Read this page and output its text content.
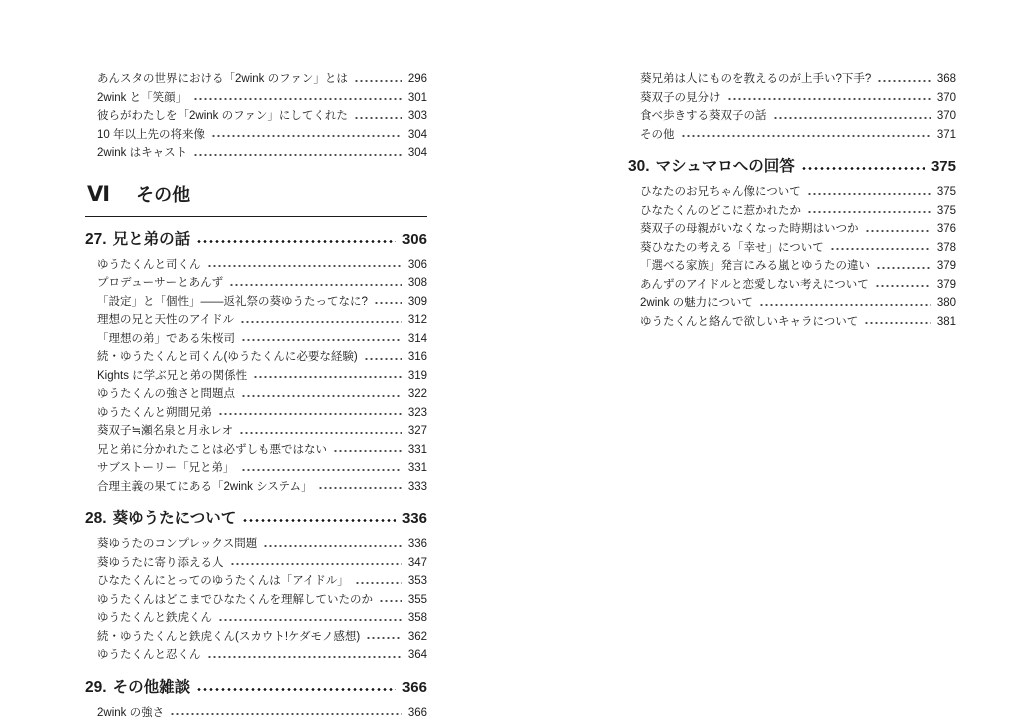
あんスタの世界における「2wink のファン」とは	296
2wink と「笑顔」	301
彼らがわたしを「2wink のファン」にしてくれた	303
10 年以上先の将来像	304
2wink はキャスト	304
Ⅵ その他
27. 兄と弟の話	306
ゆうたくんと司くん	306
プロデューサーとあんず	308
「設定」と「個性」――返礼祭の葵ゆうたってなに?	309
理想の兄と天性のアイドル	312
「理想の弟」である朱桜司	314
続・ゆうたくんと司くん(ゆうたくんに必要な経験)	316
Kights に学ぶ兄と弟の関係性	319
ゆうたくんの強さと問題点	322
ゆうたくんと朔間兄弟	323
葵双子≒瀬名泉と月永レオ	327
兄と弟に分かれたことは必ずしも悪ではない	331
サブストーリー「兄と弟」	331
合理主義の果てにある「2wink システム」	333
28. 葵ゆうたについて	336
葵ゆうたのコンプレックス問題	336
葵ゆうたに寄り添える人	347
ひなたくんにとってのゆうたくんは「アイドル」	353
ゆうたくんはどこまでひなたくんを理解していたのか	355
ゆうたくんと鉄虎くん	358
続・ゆうたくんと鉄虎くん(スカウト!ケダモノ感想)	362
ゆうたくんと忍くん	364
29. その他雑談	366
2wink の強さ	366
葵兄弟は人にものを教えるのが上手い?下手?	368
葵双子の見分け	370
食べ歩きする葵双子の話	370
その他	371
30. マシュマロへの回答	375
ひなたのお兄ちゃん像について	375
ひなたくんのどこに惹かれたか	375
葵双子の母親がいなくなった時期はいつか	376
葵ひなたの考える「幸せ」について	378
「選べる家族」発言にみる嵐とゆうたの違い	379
あんずのアイドルと恋愛しない考えについて	379
2wink の魅力について	380
ゆうたくんと絡んで欲しいキャラについて	381
